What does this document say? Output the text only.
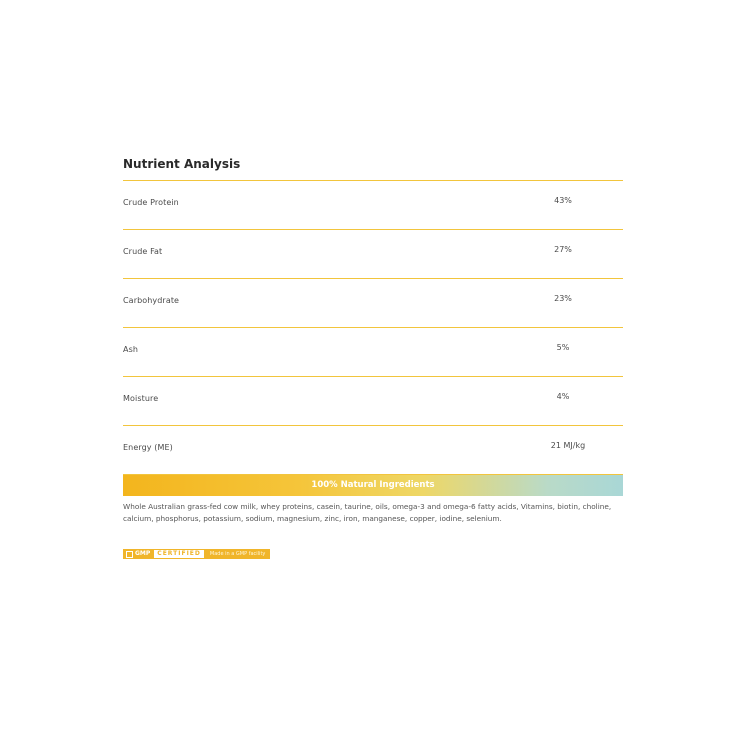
Nutrient Analysis
Crude Protein	43%
Crude Fat	27%
Carbohydrate	23%
Ash	5%
Moisture	4%
Energy (ME)	21 MJ/kg
100% Natural Ingredients

Whole Australian grass-fed cow milk, whey proteins, casein, taurine, oils, omega-3 and omega-6 fatty acids, Vitamins, biotin, choline, calcium, phosphorus, potassium, sodium, magnesium, zinc, iron, manganese, copper, iodine, selenium.

GMP	CERTIFIED	Made in a GMP facility
